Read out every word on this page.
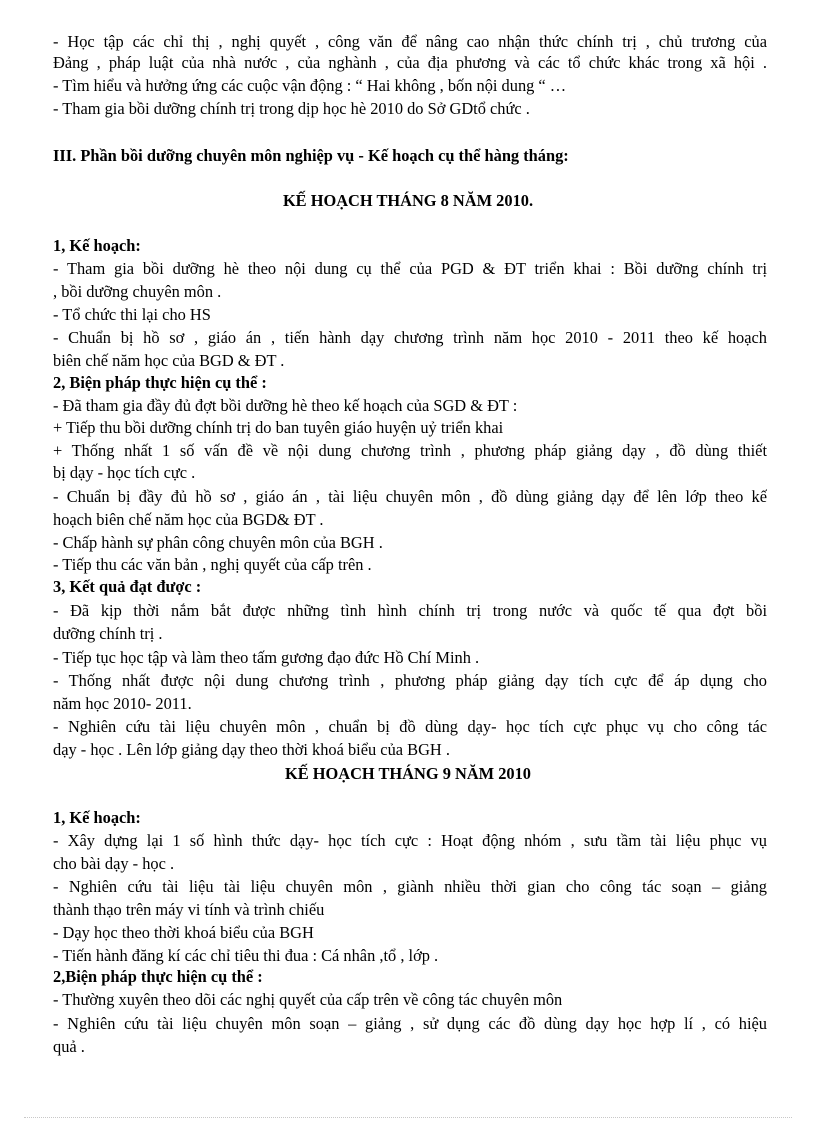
- Học tập các chỉ thị , nghị quyết , công văn để nâng cao nhận thức chính trị , chủ trương của
Đảng , pháp luật của nhà nước , của nghành , của địa phương và các tổ chức khác trong xã hội .
- Tìm hiểu và hưởng ứng các cuộc vận động : “ Hai không , bốn nội dung “ …
- Tham gia bồi dưỡng chính trị trong dịp học hè 2010 do Sở GDtổ chức .
III. Phần bồi dưỡng chuyên môn nghiệp vụ - Kế hoạch cụ thể hàng tháng:
KẾ HOẠCH THÁNG 8 NĂM 2010.
1, Kế hoạch:
- Tham gia bồi dưỡng hè theo nội dung cụ thể của PGD & ĐT triển khai : Bồi dưỡng chính trị
, bồi dưỡng chuyên môn .
- Tổ chức thi lại cho HS
- Chuẩn bị hồ sơ , giáo án , tiến hành dạy chương trình năm học 2010 - 2011 theo kế hoạch
biên chế năm học của BGD & ĐT .
2, Biện pháp thực hiện cụ thể :
- Đã tham gia đầy đủ đợt bồi dưỡng hè theo kế hoạch của SGD & ĐT :
+ Tiếp thu bồi dưỡng chính trị do ban tuyên giáo huyện uỷ triển khai
+ Thống nhất 1 số vấn đề về nội dung chương trình , phương pháp giảng dạy , đồ dùng thiết
bị dạy - học tích cực .
- Chuẩn bị đầy đủ hồ sơ , giáo án , tài liệu chuyên môn , đồ dùng giảng dạy để lên lớp theo kế
hoạch biên chế năm học của BGD& ĐT .
- Chấp hành sự phân công chuyên môn của BGH .
- Tiếp thu các văn bản , nghị quyết của cấp trên .
3, Kết quả đạt được :
- Đã kịp thời nắm bắt được những tình hình chính trị trong nước và quốc tế qua đợt bồi
dưỡng chính trị .
- Tiếp tục học tập và làm theo tấm gương đạo đức Hồ Chí Minh .
- Thống nhất được nội dung chương trình , phương pháp giảng dạy tích cực để áp dụng cho
năm học 2010- 2011.
- Nghiên cứu tài liệu chuyên môn , chuẩn bị đồ dùng dạy- học tích cực phục vụ cho công tác
dạy - học . Lên lớp giảng dạy theo thời khoá biểu của BGH .
KẾ HOẠCH THÁNG 9 NĂM 2010
1, Kế hoạch:
- Xây dựng lại 1 số hình thức dạy- học tích cực : Hoạt động nhóm , sưu tầm tài liệu phục vụ
cho bài dạy - học .
- Nghiên cứu tài liệu tài liệu chuyên môn , giành nhiều thời gian cho công tác soạn – giảng
thành thạo trên máy vi tính và trình chiếu
- Dạy học theo thời khoá biểu của BGH
- Tiến hành đăng kí các chỉ tiêu thi đua : Cá nhân ,tổ , lớp .
2,Biện pháp thực hiện cụ thể :
- Thường xuyên theo dõi các nghị quyết của cấp trên về công tác chuyên môn
- Nghiên cứu tài liệu chuyên môn soạn – giảng , sử dụng các đồ dùng dạy học hợp lí , có hiệu
quả .
